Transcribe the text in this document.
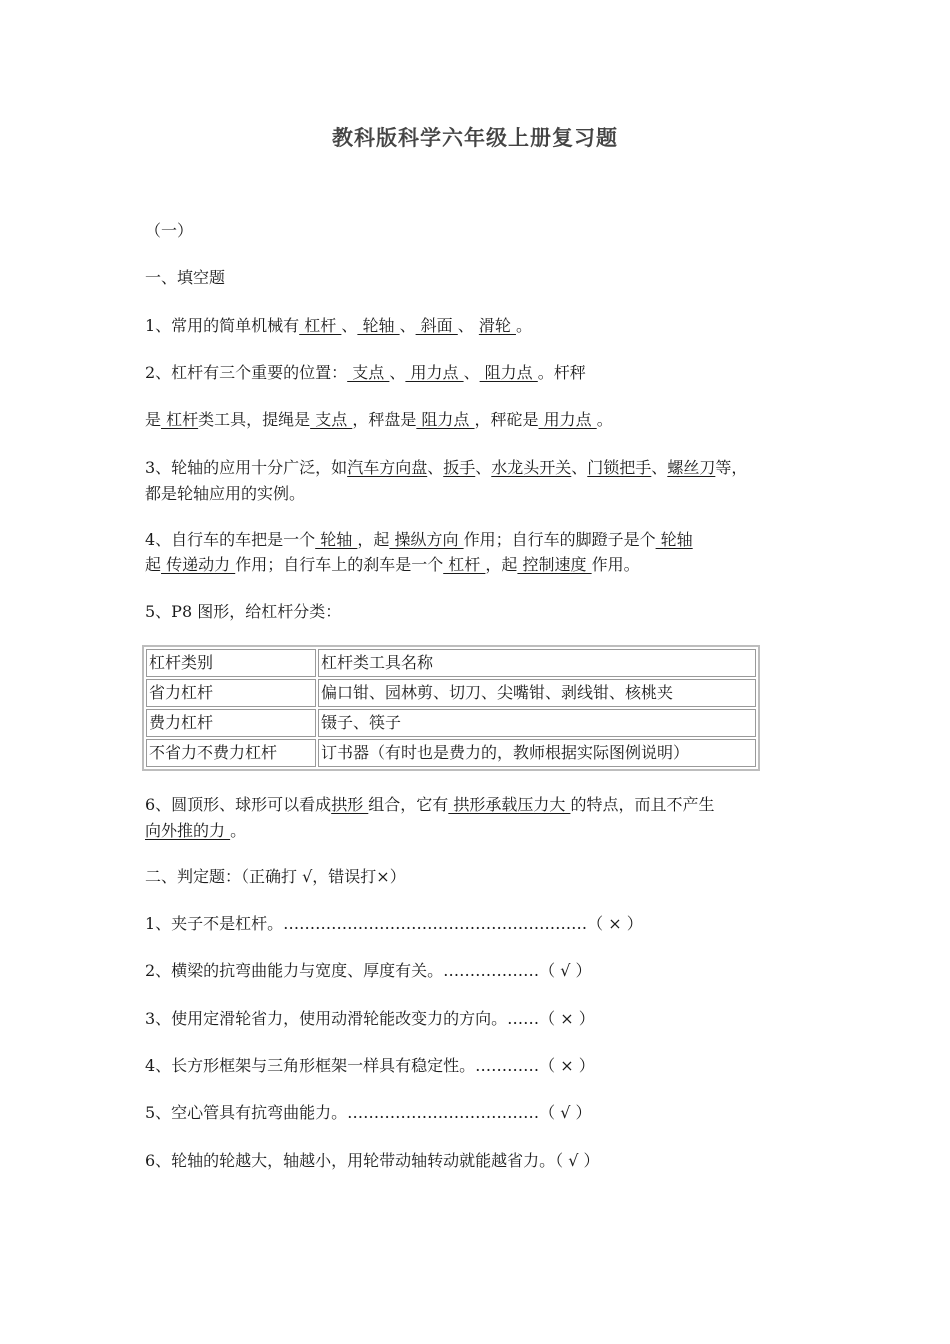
教科版科学六年级上册复习题
（一）
一、填空题
1、常用的简单机械有 杠杆 、 轮轴 、 斜面 、 滑轮 。
2、杠杆有三个重要的位置： 支点 、 用力点 、 阻力点 。杆秤
是 杠杆类工具，提绳是 支点 ，秤盘是 阻力点 ，秤砣是 用力点 。
3、轮轴的应用十分广泛，如汽车方向盘、扳手、水龙头开关、门锁把手、螺丝刀等，
都是轮轴应用的实例。
4、自行车的车把是一个 轮轴 ，起 操纵方向 作用；自行车的脚蹬子是个 轮轴
起 传递动力 作用；自行车上的刹车是一个 杠杆 ，起 控制速度 作用。
5、P8 图形，给杠杆分类：
杠杆类别	杠杆类工具名称
省力杠杆	偏口钳、园林剪、切刀、尖嘴钳、剥线钳、核桃夹
费力杠杆	镊子、筷子
不省力不费力杠杆	订书器（有时也是费力的，教师根据实际图例说明）
6、圆顶形、球形可以看成拱形 组合，它有 拱形承载压力大 的特点，而且不产生
向外推的力 。
二、判定题：（正确打 √，错误打×）
1、夹子不是杠杆。…………………………………………………（ × ）
2、横梁的抗弯曲能力与宽度、厚度有关。………………（ √ ）
3、使用定滑轮省力，使用动滑轮能改变力的方向。……（ × ）
4、长方形框架与三角形框架一样具有稳定性。…………（ × ）
5、空心管具有抗弯曲能力。………………………………（ √ ）
6、轮轴的轮越大，轴越小，用轮带动轴转动就能越省力。（ √ ）
